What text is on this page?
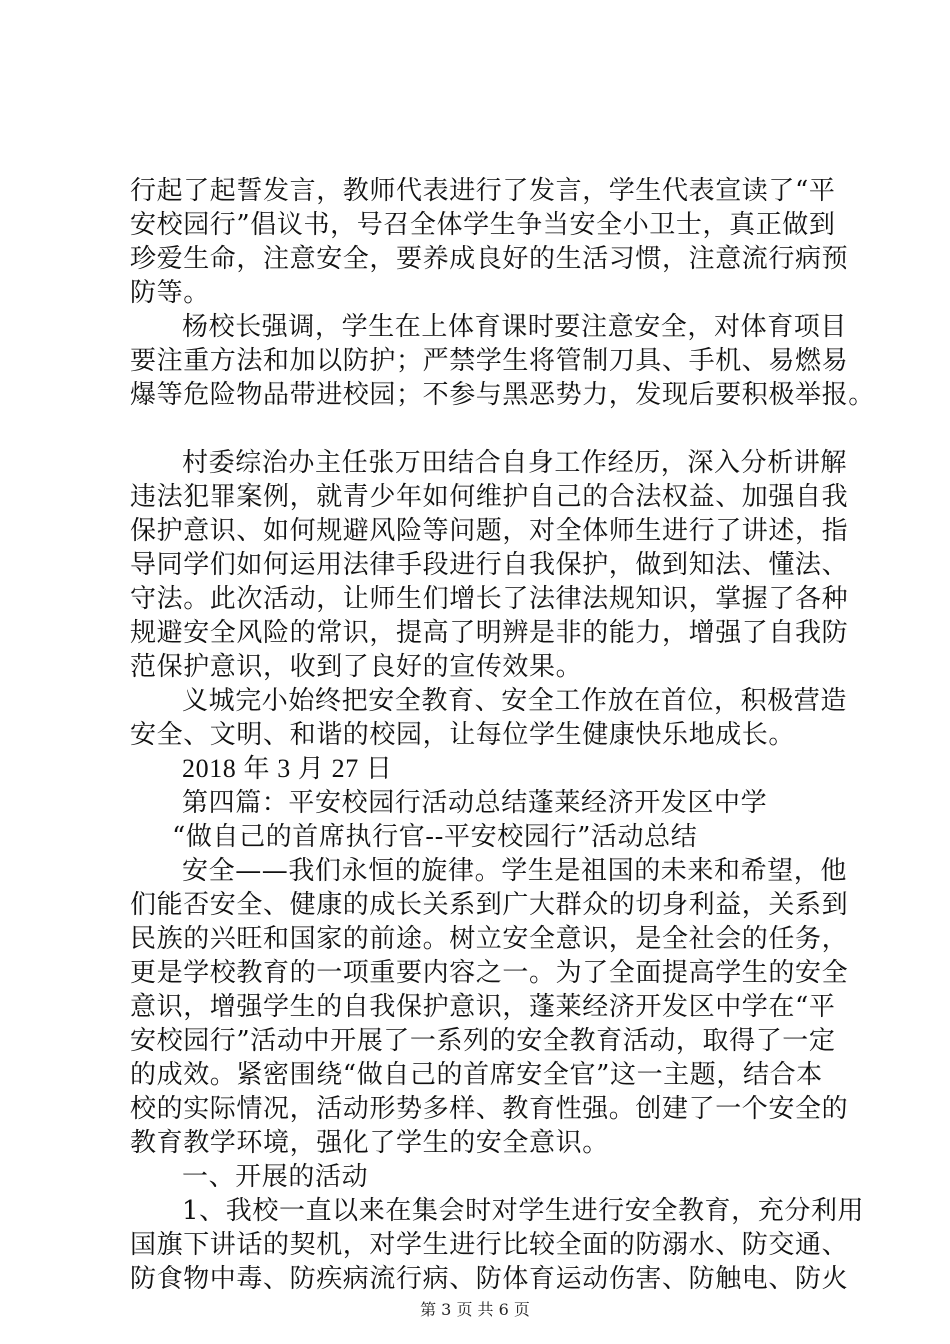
行起了起誓发言，教师代表进行了发言，学生代表宣读了“平
安校园行”倡议书，号召全体学生争当安全小卫士，真正做到
珍爱生命，注意安全，要养成良好的生活习惯，注意流行病预
防等。
杨校长强调，学生在上体育课时要注意安全，对体育项目
要注重方法和加以防护；严禁学生将管制刀具、手机、易燃易
爆等危险物品带进校园；不参与黑恶势力，发现后要积极举报。
村委综治办主任张万田结合自身工作经历，深入分析讲解
违法犯罪案例，就青少年如何维护自己的合法权益、加强自我
保护意识、如何规避风险等问题，对全体师生进行了讲述，指
导同学们如何运用法律手段进行自我保护，做到知法、懂法、
守法。此次活动，让师生们增长了法律法规知识，掌握了各种
规避安全风险的常识，提高了明辨是非的能力，增强了自我防
范保护意识，收到了良好的宣传效果。
义城完小始终把安全教育、安全工作放在首位，积极营造
安全、文明、和谐的校园，让每位学生健康快乐地成长。
2018 年 3 月 27 日
第四篇：平安校园行活动总结蓬莱经济开发区中学
“做自己的首席执行官--平安校园行”活动总结
安全——我们永恒的旋律。学生是祖国的未来和希望，他
们能否安全、健康的成长关系到广大群众的切身利益，关系到
民族的兴旺和国家的前途。树立安全意识，是全社会的任务，
更是学校教育的一项重要内容之一。为了全面提高学生的安全
意识，增强学生的自我保护意识，蓬莱经济开发区中学在“平
安校园行”活动中开展了一系列的安全教育活动，取得了一定
的成效。紧密围绕“做自己的首席安全官”这一主题，结合本
校的实际情况，活动形势多样、教育性强。创建了一个安全的
教育教学环境，强化了学生的安全意识。
一、开展的活动
1、我校一直以来在集会时对学生进行安全教育，充分利用
国旗下讲话的契机，对学生进行比较全面的防溺水、防交通、
防食物中毒、防疾病流行病、防体育运动伤害、防触电、防火
第 3 页 共 6 页
